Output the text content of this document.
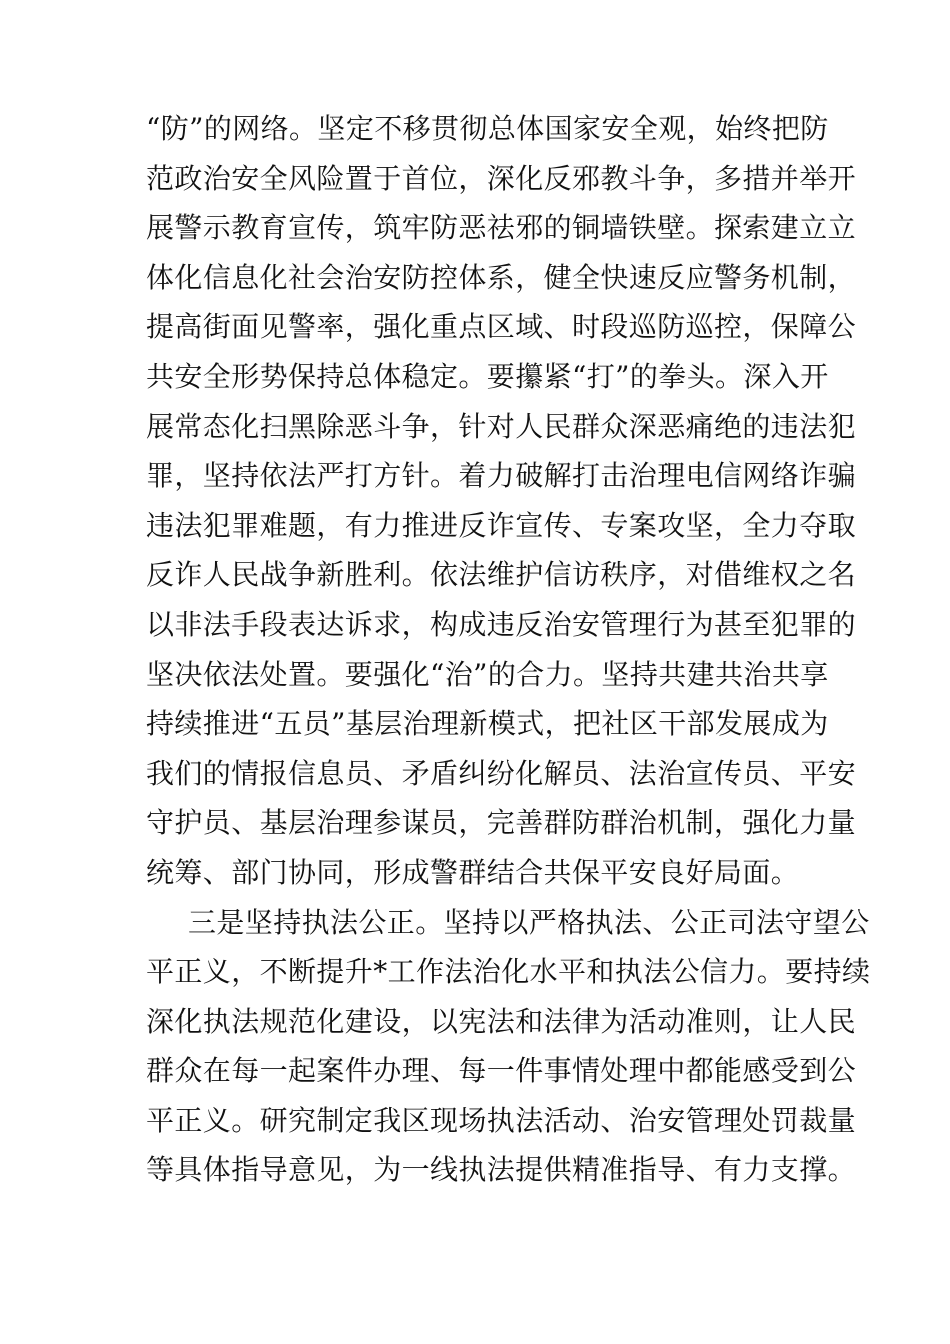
“防”的网络。坚定不移贯彻总体国家安全观，始终把防
范政治安全风险置于首位，深化反邪教斗争，多措并举开
展警示教育宣传，筑牢防恶祛邪的铜墙铁壁。探索建立立
体化信息化社会治安防控体系，健全快速反应警务机制，
提高街面见警率，强化重点区域、时段巡防巡控，保障公
共安全形势保持总体稳定。要攥紧“打”的拳头。深入开
展常态化扫黑除恶斗争，针对人民群众深恶痛绝的违法犯
罪，坚持依法严打方针。着力破解打击治理电信网络诈骗
违法犯罪难题，有力推进反诈宣传、专案攻坚，全力夺取
反诈人民战争新胜利。依法维护信访秩序，对借维权之名
以非法手段表达诉求，构成违反治安管理行为甚至犯罪的
坚决依法处置。要强化“治”的合力。坚持共建共治共享
持续推进“五员”基层治理新模式，把社区干部发展成为
我们的情报信息员、矛盾纠纷化解员、法治宣传员、平安
守护员、基层治理参谋员，完善群防群治机制，强化力量
统筹、部门协同，形成警群结合共保平安良好局面。
三是坚持执法公正。坚持以严格执法、公正司法守望公
平正义，不断提升*工作法治化水平和执法公信力。要持续
深化执法规范化建设，以宪法和法律为活动准则，让人民
群众在每一起案件办理、每一件事情处理中都能感受到公
平正义。研究制定我区现场执法活动、治安管理处罚裁量
等具体指导意见，为一线执法提供精准指导、有力支撑。
